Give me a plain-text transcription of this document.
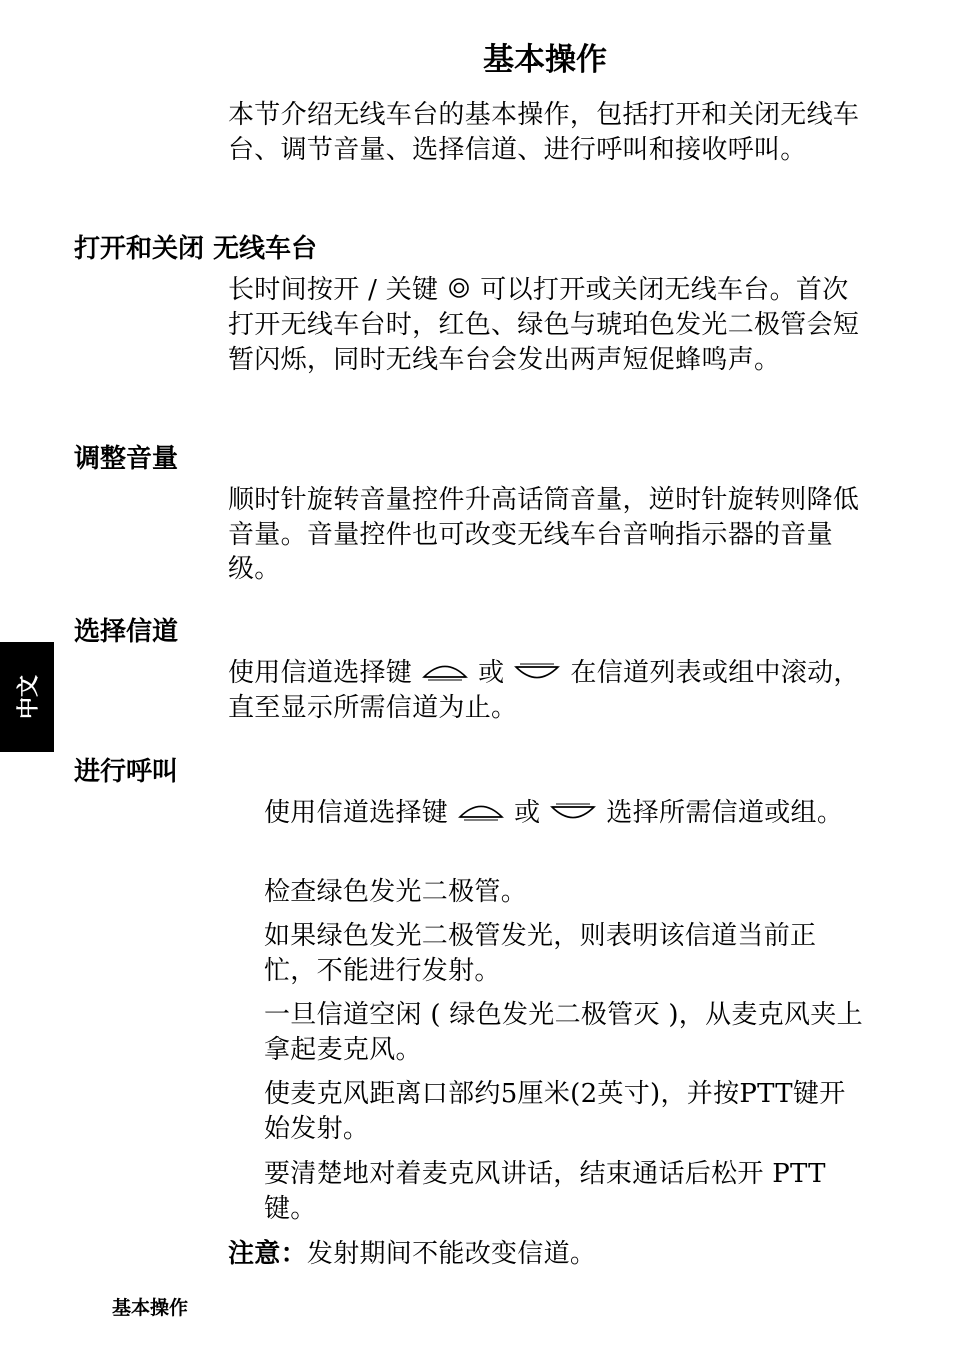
基本操作
本节介绍无线车台的基本操作，包括打开和关闭无线车台、调节音量、选择信道、进行呼叫和接收呼叫。
打开和关闭 无线车台
长时间按开 / 关键 可以打开或关闭无线车台。首次打开无线车台时，红色、绿色与琥珀色发光二极管会短暂闪烁，同时无线车台会发出两声短促蜂鸣声。
调整音量
顺时针旋转音量控件升高话筒音量，逆时针旋转则降低音量。音量控件也可改变无线车台音响指示器的音量级。
选择信道
使用信道选择键	或	在信道列表或组中滚动，直至显示所需信道为止。
中文
进行呼叫
使用信道选择键	或	选择所需信道或组。
检查绿色发光二极管。
如果绿色发光二极管发光，则表明该信道当前正忙，不能进行发射。
一旦信道空闲 ( 绿色发光二极管灭 )，从麦克风夹上拿起麦克风。
使麦克风距离口部约5厘米(2英寸)，并按PTT键开始发射。
要清楚地对着麦克风讲话，结束通话后松开 PTT 键。
注意：发射期间不能改变信道。
基本操作
